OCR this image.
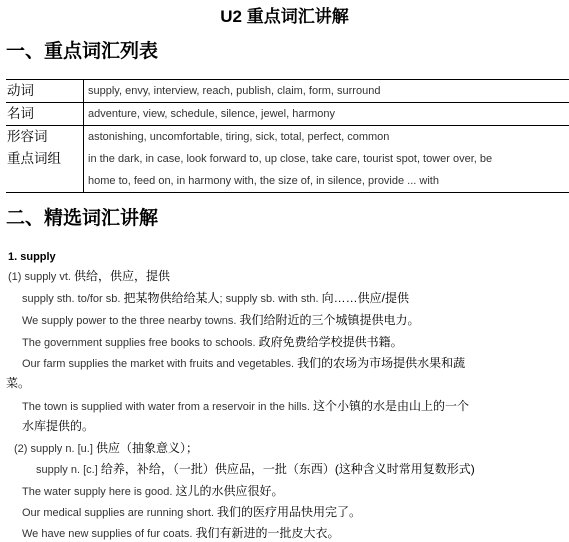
U2 重点词汇讲解
一、重点词汇列表
动词	supply, envy, interview, reach, publish, claim, form, surround
名词	adventure, view, schedule, silence, jewel, harmony
形容词	astonishing, uncomfortable, tiring, sick, total, perfect, common
重点词组	in the dark, in case, look forward to, up close, take care, tourist spot, tower over, be
home to, feed on, in harmony with, the size of, in silence, provide ... with
二、精选词汇讲解
1. supply
(1) supply vt. 供给，供应，提供
supply sth. to/for sb. 把某物供给给某人; supply sb. with sth. 向……供应/提供
We supply power to the three nearby towns. 我们给附近的三个城镇提供电力。
The government supplies free books to schools. 政府免费给学校提供书籍。
Our farm supplies the market with fruits and vegetables. 我们的农场为市场提供水果和蔬
菜。
The town is supplied with water from a reservoir in the hills. 这个小镇的水是由山上的一个
水库提供的。
(2) supply n. [u.] 供应（抽象意义）；
supply n. [c.] 给养，补给，（一批）供应品，一批（东西）(这种含义时常用复数形式)
The water supply here is good. 这儿的水供应很好。
Our medical supplies are running short. 我们的医疗用品快用完了。
We have new supplies of fur coats. 我们有新进的一批皮大衣。
